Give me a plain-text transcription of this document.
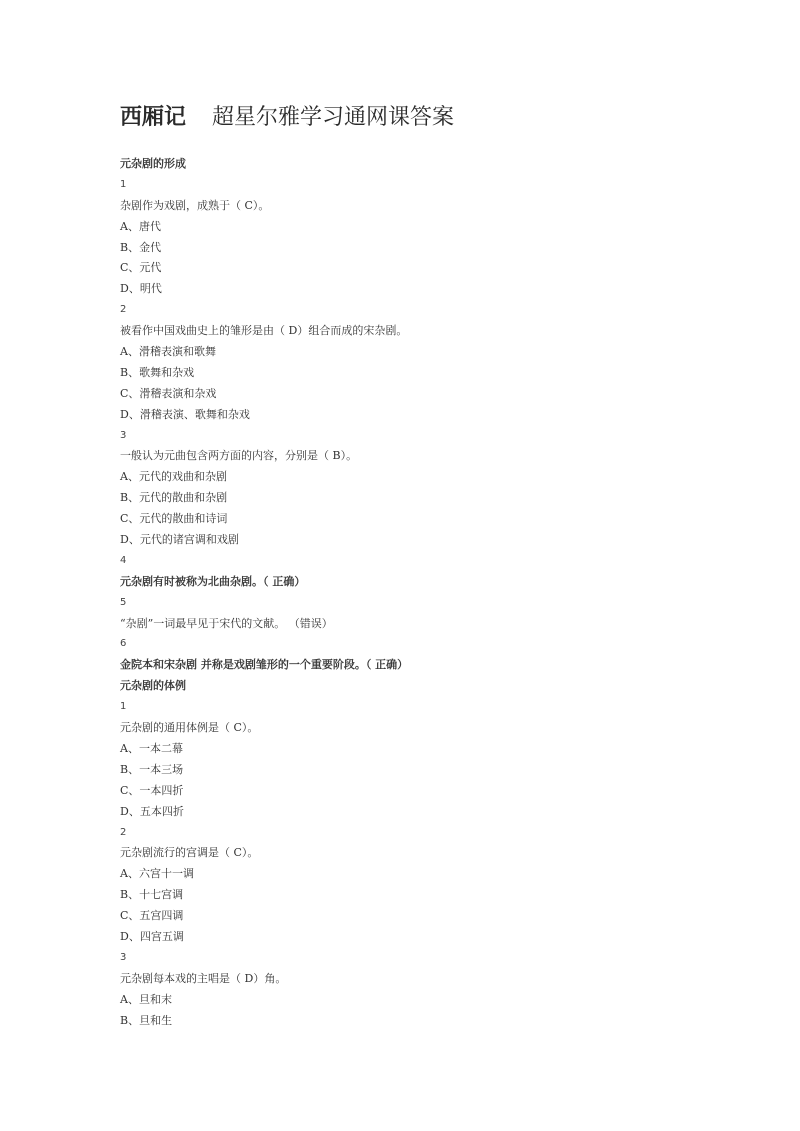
西厢记 超星尔雅学习通网课答案
元杂剧的形成
1
杂剧作为戏剧，成熟于（ C）。
A、唐代
B、金代
C、元代
D、明代
2
被看作中国戏曲史上的雏形是由（ D）组合而成的宋杂剧。
A、滑稽表演和歌舞
B、歌舞和杂戏
C、滑稽表演和杂戏
D、滑稽表演、歌舞和杂戏
3
一般认为元曲包含两方面的内容，分别是（ B）。
A、元代的戏曲和杂剧
B、元代的散曲和杂剧
C、元代的散曲和诗词
D、元代的诸宫调和戏剧
4
元杂剧有时被称为北曲杂剧。（ 正确）
5
“杂剧”一词最早见于宋代的文献。 （错误）
6
金院本和宋杂剧 并称是戏剧雏形的一个重要阶段。（ 正确）
元杂剧的体例
1
元杂剧的通用体例是（ C）。
A、一本二幕
B、一本三场
C、一本四折
D、五本四折
2
元杂剧流行的宫调是（ C）。
A、六宫十一调
B、十七宫调
C、五宫四调
D、四宫五调
3
元杂剧每本戏的主唱是（ D）角。
A、旦和末
B、旦和生
